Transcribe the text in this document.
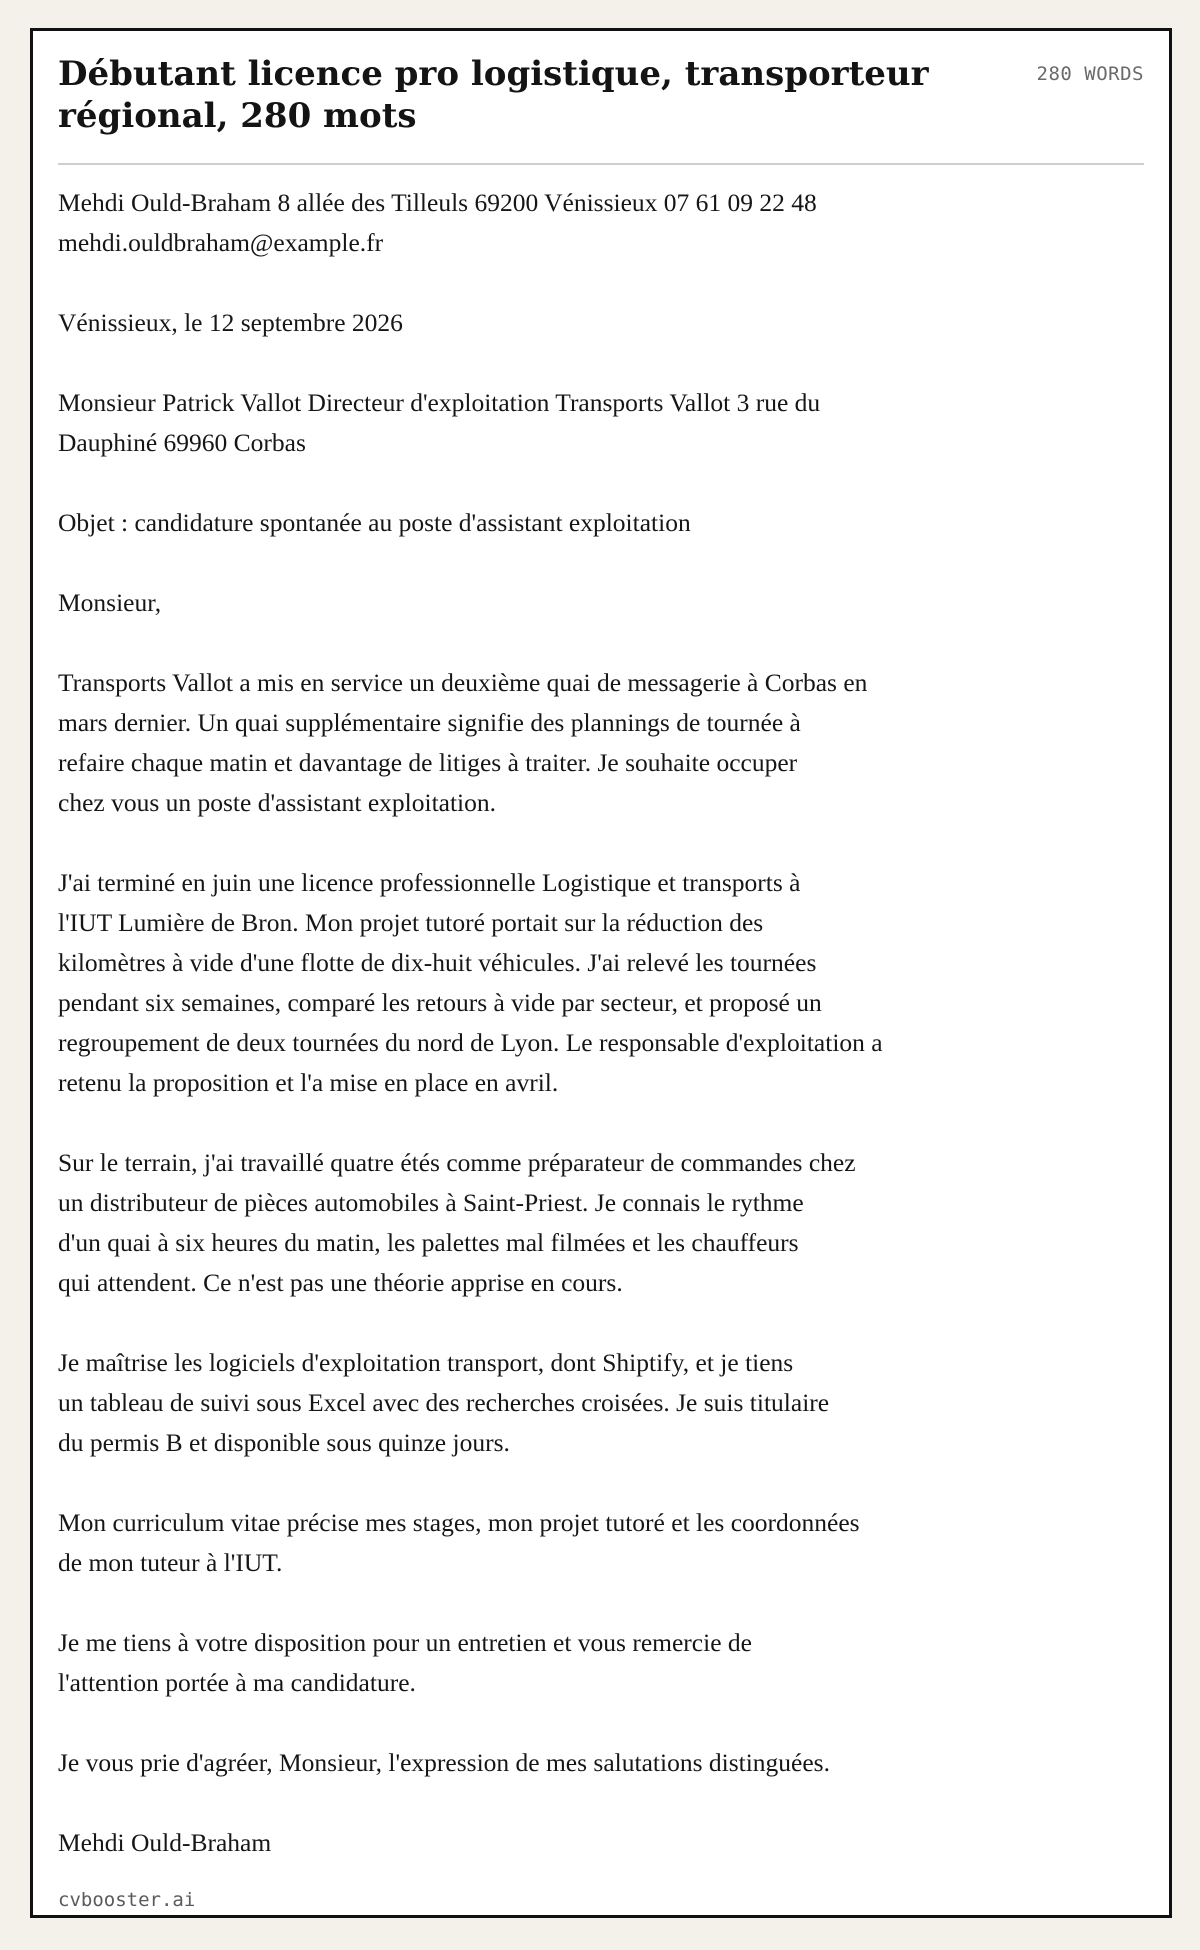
Débutant licence pro logistique, transporteur régional, 280 mots
280 WORDS

Mehdi Ould-Braham 8 allée des Tilleuls 69200 Vénissieux 07 61 09 22 48
mehdi.ouldbraham@example.fr

Vénissieux, le 12 septembre 2026

Monsieur Patrick Vallot Directeur d'exploitation Transports Vallot 3 rue du
Dauphiné 69960 Corbas

Objet : candidature spontanée au poste d'assistant exploitation

Monsieur,

Transports Vallot a mis en service un deuxième quai de messagerie à Corbas en
mars dernier. Un quai supplémentaire signifie des plannings de tournée à
refaire chaque matin et davantage de litiges à traiter. Je souhaite occuper
chez vous un poste d'assistant exploitation.

J'ai terminé en juin une licence professionnelle Logistique et transports à
l'IUT Lumière de Bron. Mon projet tutoré portait sur la réduction des
kilomètres à vide d'une flotte de dix-huit véhicules. J'ai relevé les tournées
pendant six semaines, comparé les retours à vide par secteur, et proposé un
regroupement de deux tournées du nord de Lyon. Le responsable d'exploitation a
retenu la proposition et l'a mise en place en avril.

Sur le terrain, j'ai travaillé quatre étés comme préparateur de commandes chez
un distributeur de pièces automobiles à Saint-Priest. Je connais le rythme
d'un quai à six heures du matin, les palettes mal filmées et les chauffeurs
qui attendent. Ce n'est pas une théorie apprise en cours.

Je maîtrise les logiciels d'exploitation transport, dont Shiptify, et je tiens
un tableau de suivi sous Excel avec des recherches croisées. Je suis titulaire
du permis B et disponible sous quinze jours.

Mon curriculum vitae précise mes stages, mon projet tutoré et les coordonnées
de mon tuteur à l'IUT.

Je me tiens à votre disposition pour un entretien et vous remercie de
l'attention portée à ma candidature.

Je vous prie d'agréer, Monsieur, l'expression de mes salutations distinguées.

Mehdi Ould-Braham

cvbooster.ai
